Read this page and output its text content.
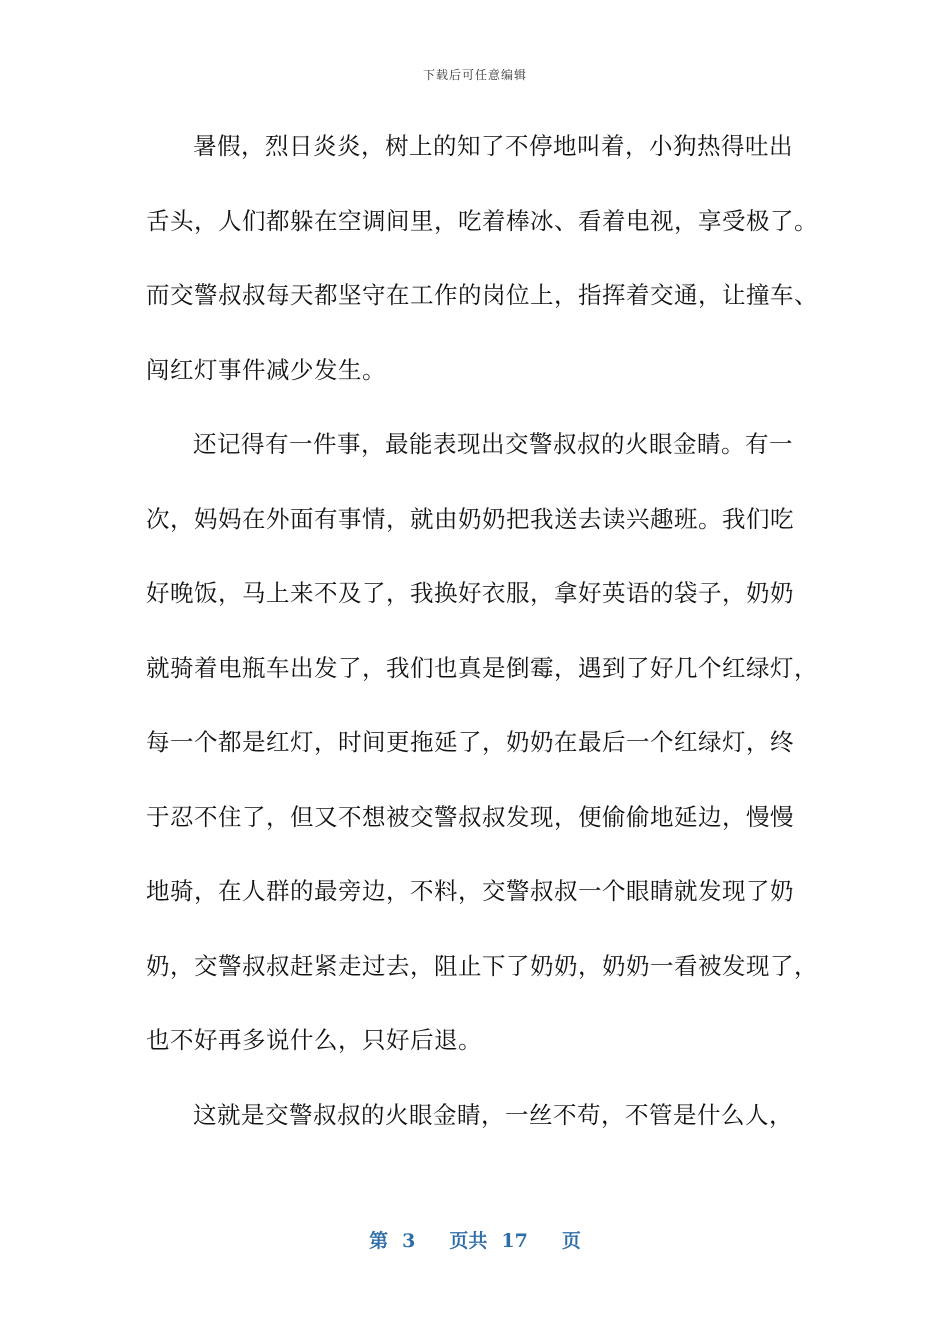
下载后可任意编辑
暑假，烈日炎炎，树上的知了不停地叫着，小狗热得吐出
舌头，人们都躲在空调间里，吃着棒冰、看着电视，享受极了。
而交警叔叔每天都坚守在工作的岗位上，指挥着交通，让撞车、
闯红灯事件减少发生。
还记得有一件事，最能表现出交警叔叔的火眼金睛。有一
次，妈妈在外面有事情，就由奶奶把我送去读兴趣班。我们吃
好晚饭，马上来不及了，我换好衣服，拿好英语的袋子，奶奶
就骑着电瓶车出发了，我们也真是倒霉，遇到了好几个红绿灯，
每一个都是红灯，时间更拖延了，奶奶在最后一个红绿灯，终
于忍不住了，但又不想被交警叔叔发现，便偷偷地延边，慢慢
地骑，在人群的最旁边，不料，交警叔叔一个眼睛就发现了奶
奶，交警叔叔赶紧走过去，阻止下了奶奶，奶奶一看被发现了，
也不好再多说什么，只好后退。
这就是交警叔叔的火眼金睛，一丝不苟，不管是什么人，
第 3 页共 17 页
